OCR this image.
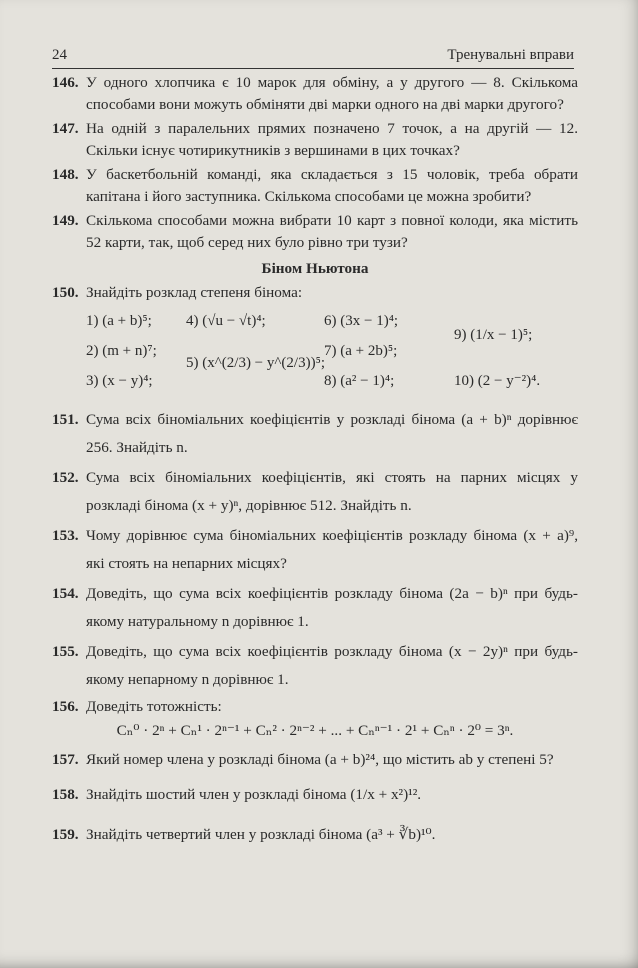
24	Тренувальні вправи
146. У одного хлопчика є 10 марок для обміну, а у другого — 8. Скількома способами вони можуть обміняти дві марки одного на дві марки другого?
147. На одній з паралельних прямих позначено 7 точок, а на другій — 12. Скільки існує чотирикутників з вершинами в цих точках?
148. У баскетбольній команді, яка складається з 15 чоловік, треба обрати капітана і його заступника. Скількома способами це можна зробити?
149. Скількома способами можна вибрати 10 карт з повної колоди, яка містить 52 карти, так, щоб серед них було рівно три тузи?
Біном Ньютона
150. Знайдіть розклад степеня бінома:
1) (a + b)⁵;
2) (m + n)⁷;
3) (x − y)⁴;
4) (√u − √t)⁴;
5) (x^(2/3) − y^(2/3))⁵;
6) (3x − 1)⁴;
7) (a + 2b)⁵;
8) (a² − 1)⁴;
9) (1/x − 1)⁵;
10) (2 − y⁻²)⁴.
151. Сума всіх біноміальних коефіцієнтів у розкладі бінома (a + b)ⁿ дорівнює 256. Знайдіть n.
152. Сума всіх біноміальних коефіцієнтів, які стоять на парних місцях у розкладі бінома (x + y)ⁿ, дорівнює 512. Знайдіть n.
153. Чому дорівнює сума біноміальних коефіцієнтів розкладу бінома (x + a)⁹, які стоять на непарних місцях?
154. Доведіть, що сума всіх коефіцієнтів розкладу бінома (2a − b)ⁿ при будь-якому натуральному n дорівнює 1.
155. Доведіть, що сума всіх коефіцієнтів розкладу бінома (x − 2y)ⁿ при будь-якому непарному n дорівнює 1.
156. Доведіть тотожність:
Cₙ⁰ · 2ⁿ + Cₙ¹ · 2ⁿ⁻¹ + Cₙ² · 2ⁿ⁻² + ... + Cₙⁿ⁻¹ · 2¹ + Cₙⁿ · 2⁰ = 3ⁿ.
157. Який номер члена у розкладі бінома (a + b)²⁴, що містить ab у степені 5?
158. Знайдіть шостий член у розкладі бінома (1/x + x²)¹².
159. Знайдіть четвертий член у розкладі бінома (a³ + ∛b)¹⁰.
